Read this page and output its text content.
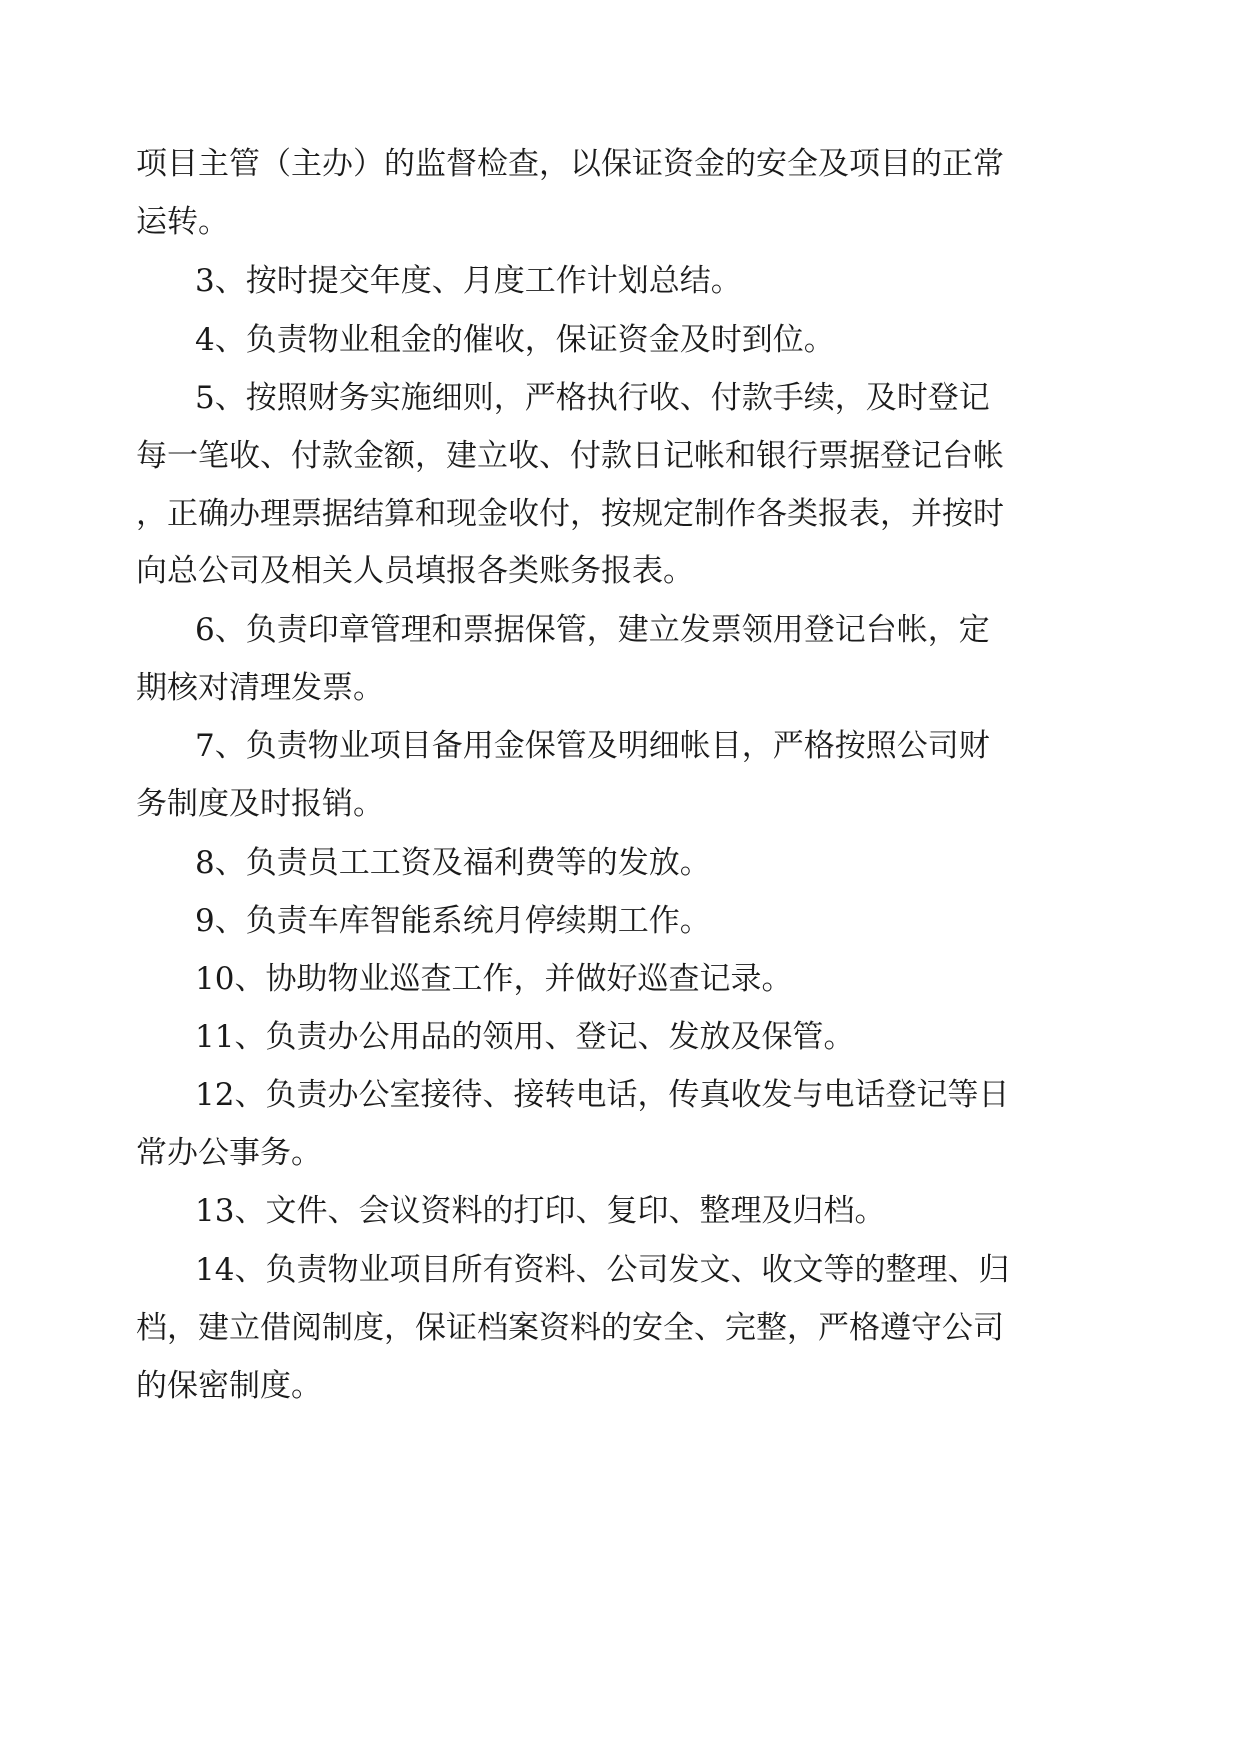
项目主管（主办）的监督检查，以保证资金的安全及项目的正常

运转。

3、按时提交年度、月度工作计划总结。

4、负责物业租金的催收，保证资金及时到位。

5、按照财务实施细则，严格执行收、付款手续，及时登记

每一笔收、付款金额，建立收、付款日记帐和银行票据登记台帐

，正确办理票据结算和现金收付，按规定制作各类报表，并按时

向总公司及相关人员填报各类账务报表。

6、负责印章管理和票据保管，建立发票领用登记台帐，定

期核对清理发票。

7、负责物业项目备用金保管及明细帐目，严格按照公司财

务制度及时报销。

8、负责员工工资及福利费等的发放。

9、负责车库智能系统月停续期工作。

10、协助物业巡查工作，并做好巡查记录。

11、负责办公用品的领用、登记、发放及保管。

12、负责办公室接待、接转电话，传真收发与电话登记等日

常办公事务。

13、文件、会议资料的打印、复印、整理及归档。

14、负责物业项目所有资料、公司发文、收文等的整理、归

档，建立借阅制度，保证档案资料的安全、完整，严格遵守公司

的保密制度。
